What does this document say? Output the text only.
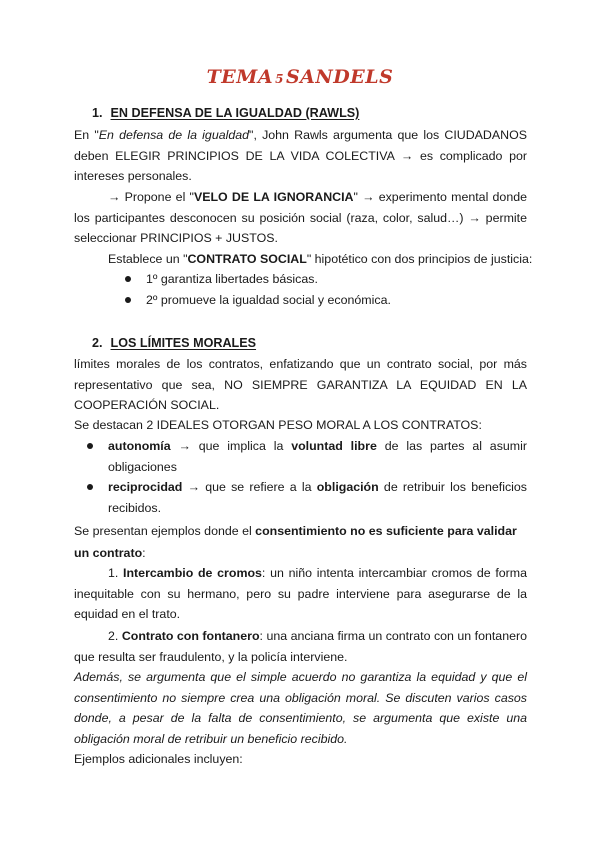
TEMA 5 SANDELS
1. EN DEFENSA DE LA IGUALDAD (RAWLS)
En "En defensa de la igualdad", John Rawls argumenta que los CIUDADANOS deben ELEGIR PRINCIPIOS DE LA VIDA COLECTIVA → es complicado por intereses personales.
→ Propone el "VELO DE LA IGNORANCIA" → experimento mental donde los participantes desconocen su posición social (raza, color, salud…) → permite seleccionar PRINCIPIOS + JUSTOS.
Establece un "CONTRATO SOCIAL" hipotético con dos principios de justicia:
1º garantiza libertades básicas.
2º promueve la igualdad social y económica.
2. LOS LÍMITES MORALES
límites morales de los contratos, enfatizando que un contrato social, por más representativo que sea, NO SIEMPRE GARANTIZA LA EQUIDAD EN LA COOPERACIÓN SOCIAL.
Se destacan 2 IDEALES OTORGAN PESO MORAL A LOS CONTRATOS:
autonomía → que implica la voluntad libre de las partes al asumir obligaciones
reciprocidad → que se refiere a la obligación de retribuir los beneficios recibidos.
Se presentan ejemplos donde el consentimiento no es suficiente para validar un contrato:
1. Intercambio de cromos: un niño intenta intercambiar cromos de forma inequitable con su hermano, pero su padre interviene para asegurarse de la equidad en el trato.
2. Contrato con fontanero: una anciana firma un contrato con un fontanero que resulta ser fraudulento, y la policía interviene.
Además, se argumenta que el simple acuerdo no garantiza la equidad y que el consentimiento no siempre crea una obligación moral. Se discuten varios casos donde, a pesar de la falta de consentimiento, se argumenta que existe una obligación moral de retribuir un beneficio recibido.
Ejemplos adicionales incluyen:
